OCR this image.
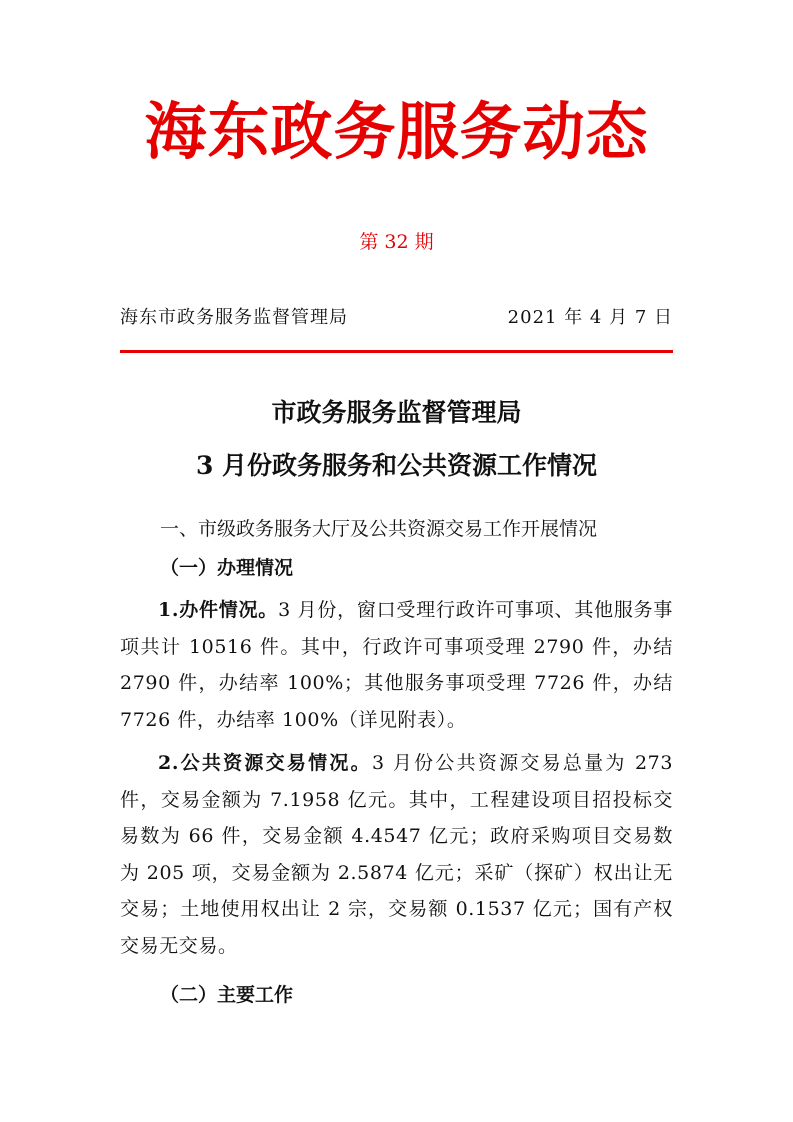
海东政务服务动态
第 32 期
海东市政务服务监督管理局	2021 年 4 月 7 日
市政务服务监督管理局
3 月份政务服务和公共资源工作情况
一、市级政务服务大厅及公共资源交易工作开展情况
（一）办理情况
1.办件情况。3 月份，窗口受理行政许可事项、其他服务事项共计 10516 件。其中，行政许可事项受理 2790 件，办结 2790 件，办结率 100%；其他服务事项受理 7726 件，办结 7726 件，办结率 100%（详见附表）。
2.公共资源交易情况。3 月份公共资源交易总量为 273 件，交易金额为 7.1958 亿元。其中，工程建设项目招投标交易数为 66 件，交易金额 4.4547 亿元；政府采购项目交易数为 205 项，交易金额为 2.5874 亿元；采矿（探矿）权出让无交易；土地使用权出让 2 宗，交易额 0.1537 亿元；国有产权交易无交易。
（二）主要工作
